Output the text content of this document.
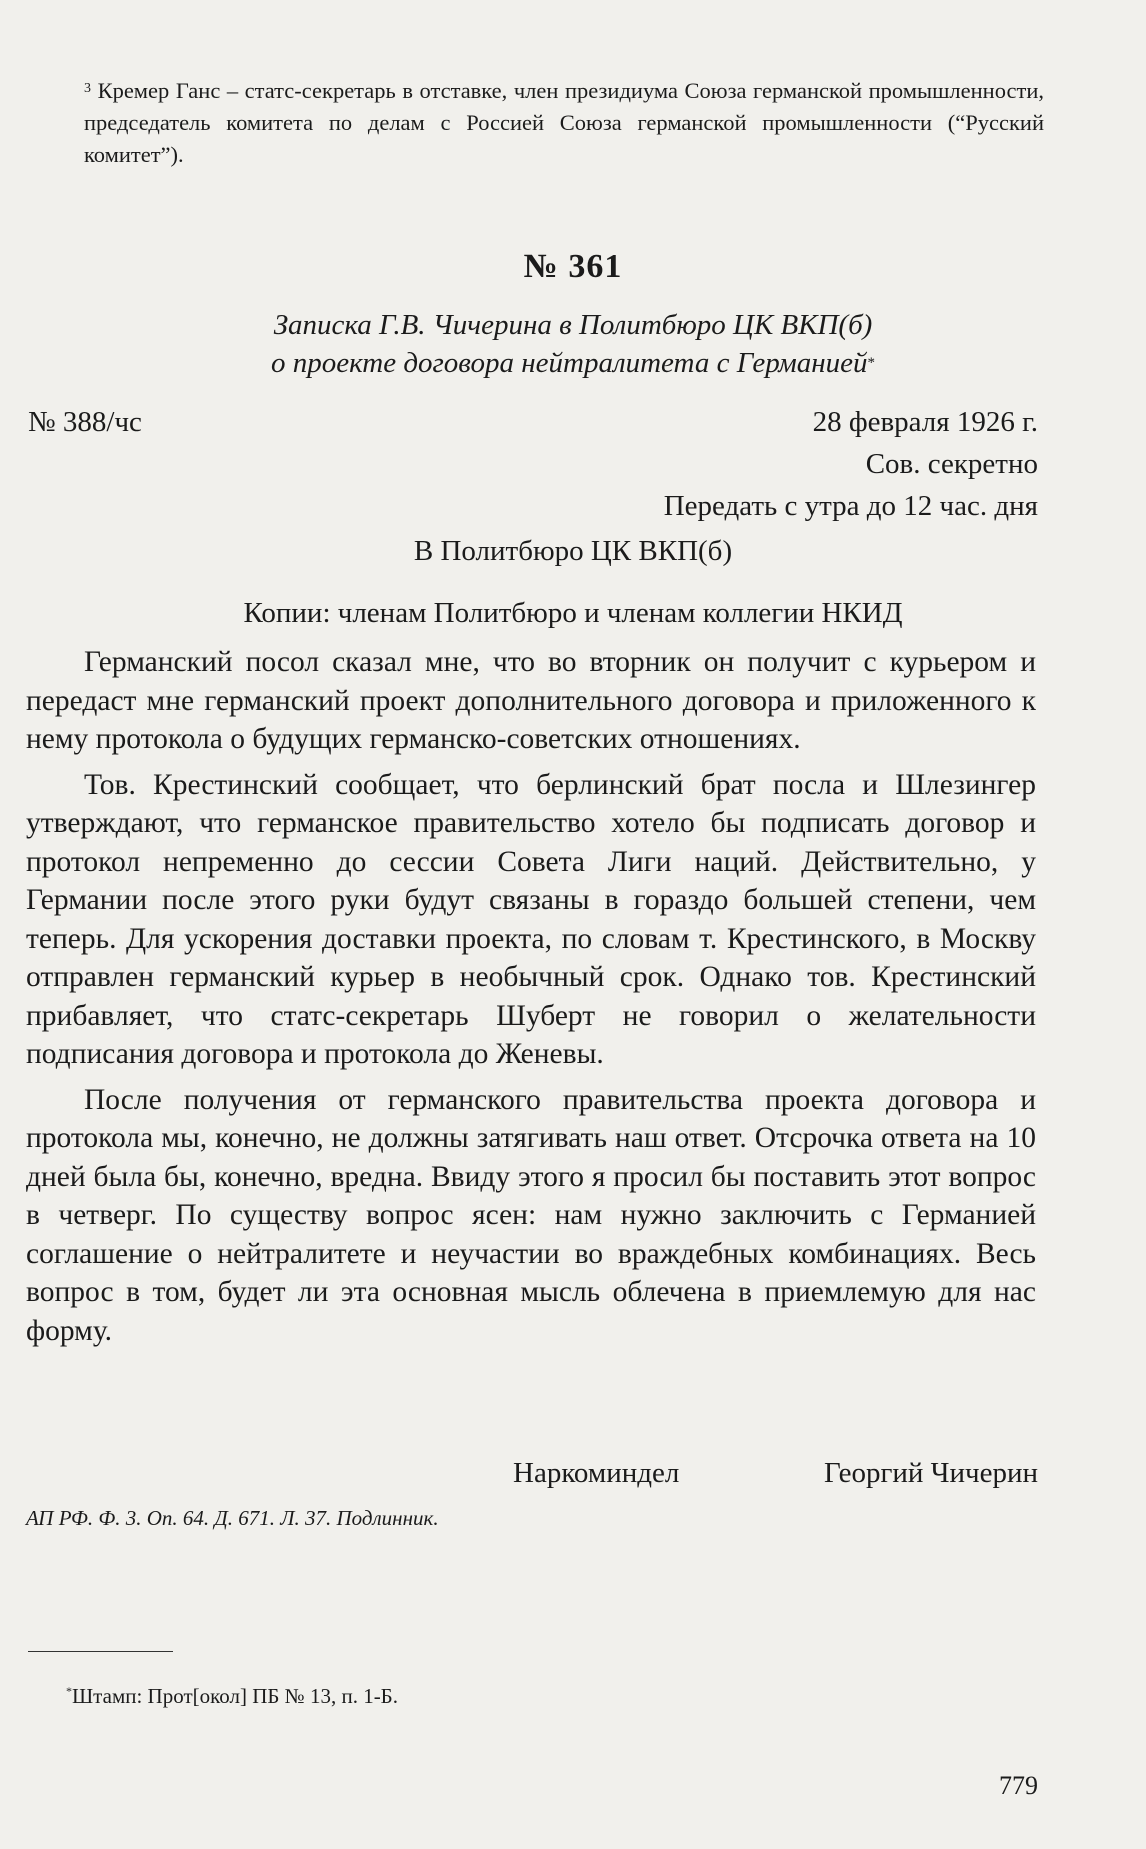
$^3$ Кремер Ганс – статс-секретарь в отставке, член президиума Союза германской промышленности, председатель комитета по делам с Россией Союза германской промышленности (“Русский комитет”).
№ 361
Записка Г.В. Чичерина в Политбюро ЦК ВКП(б)
о проекте договора нейтралитета с Германией*
№ 388/чс	28 февраля 1926 г.
Сов. секретно
Передать с утра до 12 час. дня
В Политбюро ЦК ВКП(б)
Копии: членам Политбюро и членам коллегии НКИД

Германский посол сказал мне, что во вторник он получит с курьером и передаст мне германский проект дополнительного договора и приложенного к нему протокола о будущих германско-советских отношениях.

Тов. Крестинский сообщает, что берлинский брат посла и Шлезингер утверждают, что германское правительство хотело бы подписать договор и протокол непременно до сессии Совета Лиги наций. Действительно, у Германии после этого руки будут связаны в гораздо большей степени, чем теперь. Для ускорения доставки проекта, по словам т. Крестинского, в Москву отправлен германский курьер в необычный срок. Однако тов. Крестинский прибавляет, что статс-секретарь Шуберт не говорил о желательности подписания договора и протокола до Женевы.

После получения от германского правительства проекта договора и протокола мы, конечно, не должны затягивать наш ответ. Отсрочка ответа на 10 дней была бы, конечно, вредна. Ввиду этого я просил бы поставить этот вопрос в четверг. По существу вопрос ясен: нам нужно заключить с Германией соглашение о нейтралитете и неучастии во враждебных комбинациях. Весь вопрос в том, будет ли эта основная мысль облечена в приемлемую для нас форму.

Наркоминдел	Георгий Чичерин
АП РФ. Ф. 3. Оп. 64. Д. 671. Л. 37. Подлинник.
*Штамп: Прот[окол] ПБ № 13, п. 1-Б.
779
